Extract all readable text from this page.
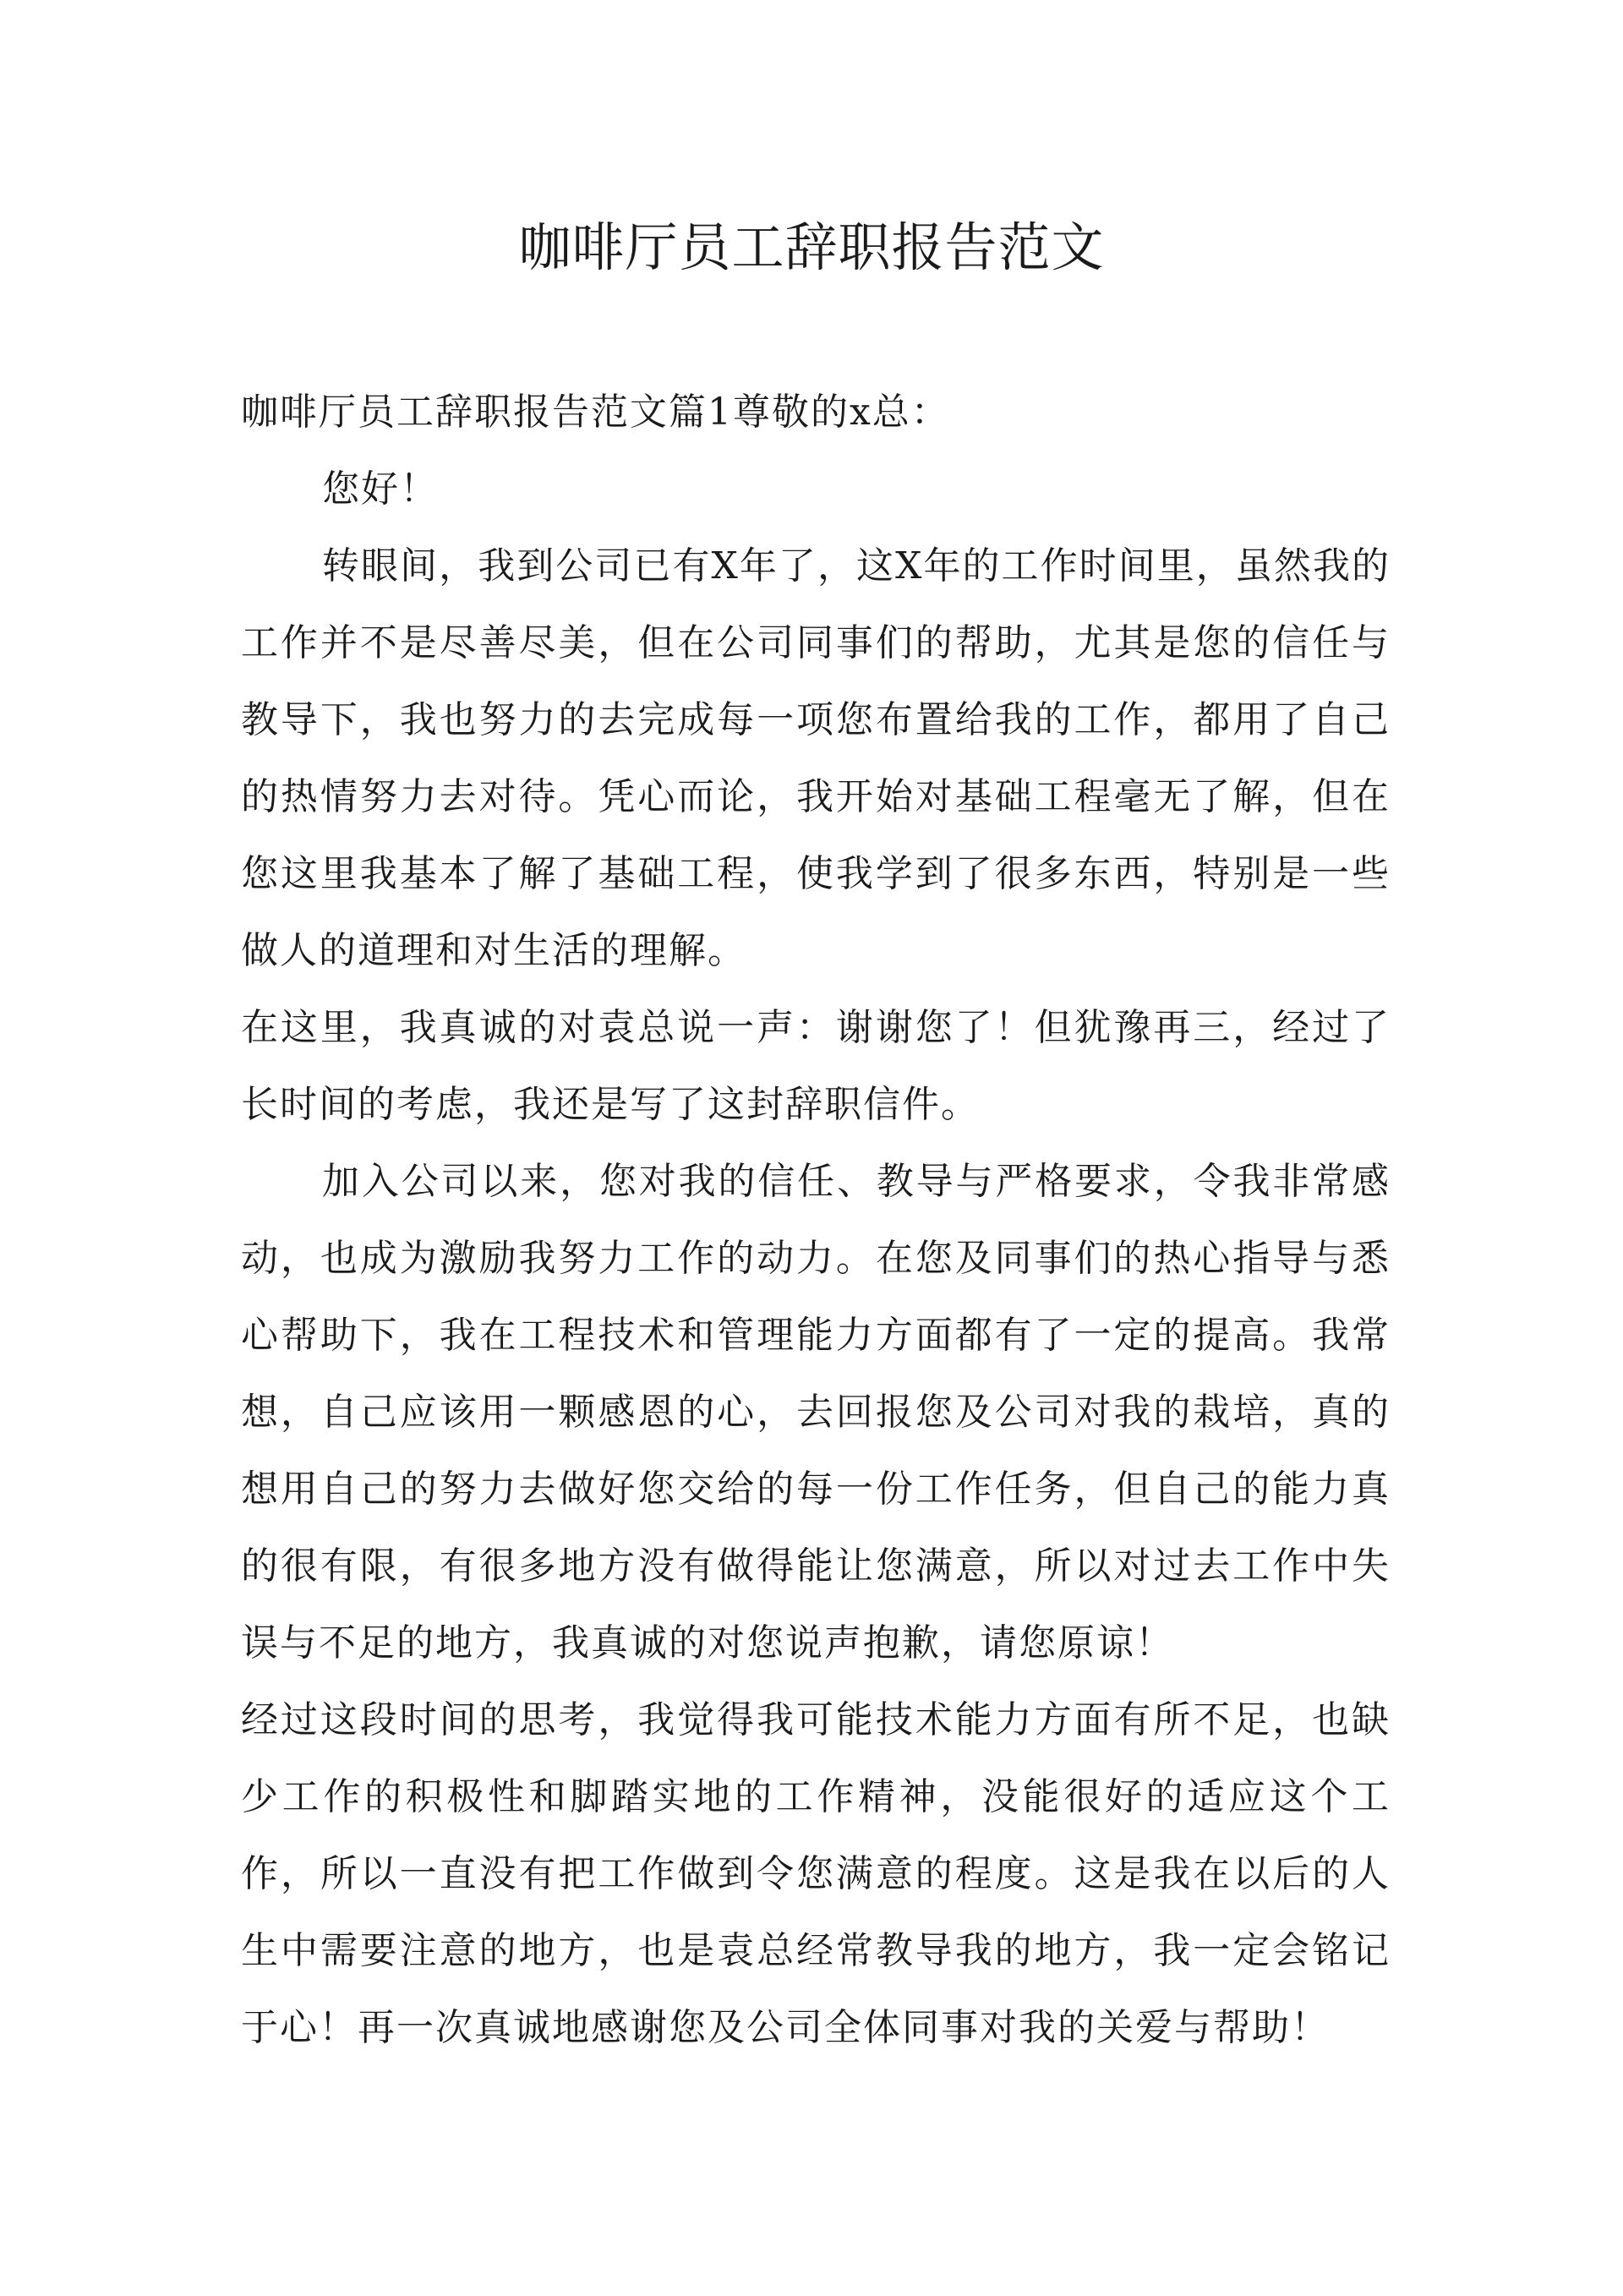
咖啡厅员工辞职报告范文

咖啡厅员工辞职报告范文篇1尊敬的x总：

您好！

转眼间，我到公司已有X年了，这X年的工作时间里，虽然我的工作并不是尽善尽美，但在公司同事们的帮助，尤其是您的信任与教导下，我也努力的去完成每一项您布置给我的工作，都用了自己的热情努力去对待。凭心而论，我开始对基础工程毫无了解，但在您这里我基本了解了基础工程，使我学到了很多东西，特别是一些做人的道理和对生活的理解。

在这里，我真诚的对袁总说一声：谢谢您了！但犹豫再三，经过了长时间的考虑，我还是写了这封辞职信件。

加入公司以来，您对我的信任、教导与严格要求，令我非常感动，也成为激励我努力工作的动力。在您及同事们的热心指导与悉心帮助下，我在工程技术和管理能力方面都有了一定的提高。我常想，自己应该用一颗感恩的心，去回报您及公司对我的栽培，真的想用自己的努力去做好您交给的每一份工作任务，但自己的能力真的很有限，有很多地方没有做得能让您满意，所以对过去工作中失误与不足的地方，我真诚的对您说声抱歉，请您原谅！

经过这段时间的思考，我觉得我可能技术能力方面有所不足，也缺少工作的积极性和脚踏实地的工作精神，没能很好的适应这个工作，所以一直没有把工作做到令您满意的程度。这是我在以后的人生中需要注意的地方，也是袁总经常教导我的地方，我一定会铭记于心！再一次真诚地感谢您及公司全体同事对我的关爱与帮助！
